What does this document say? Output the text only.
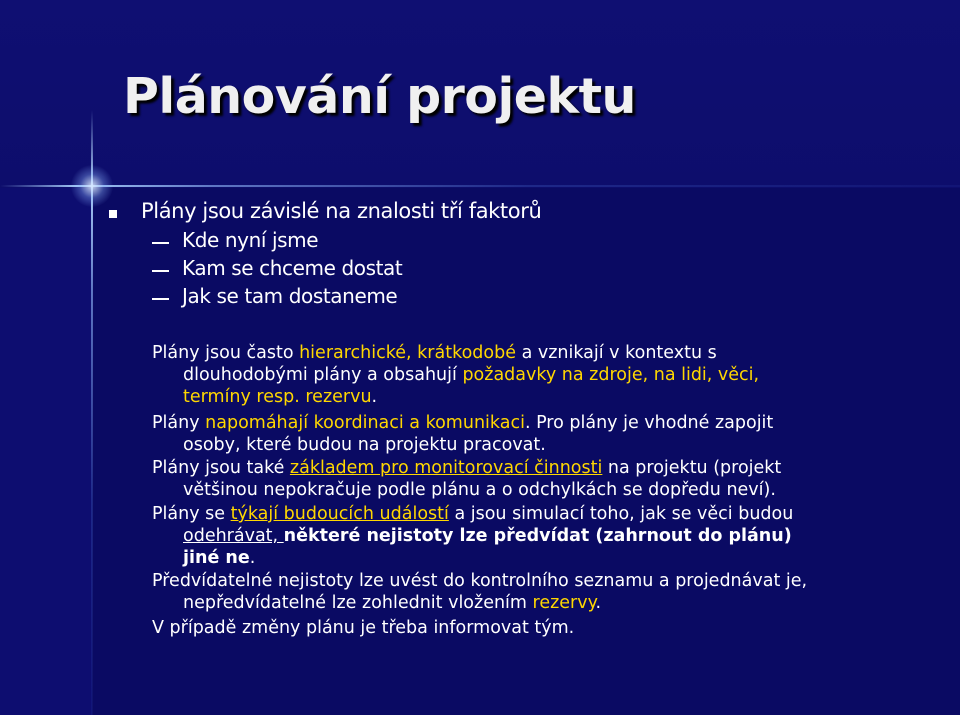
Plánování projektu
Plány jsou závislé na znalosti tří faktorů
Kde nyní jsme
Kam se chceme dostat
Jak se tam dostaneme
Plány jsou často hierarchické, krátkodobé a vznikají v kontextu s
dlouhodobými plány a obsahují požadavky na zdroje, na lidi, věci,
termíny resp. rezervu.
Plány napomáhají koordinaci a komunikaci. Pro plány je vhodné zapojit
osoby, které budou na projektu pracovat.
Plány jsou také základem pro monitorovací činnosti na projektu (projekt
většinou nepokračuje podle plánu a o odchylkách se dopředu neví).
Plány se týkají budoucích událostí a jsou simulací toho, jak se věci budou
odehrávat, některé nejistoty lze předvídat (zahrnout do plánu)
jiné ne.
Předvídatelné nejistoty lze uvést do kontrolního seznamu a projednávat je,
nepředvídatelné lze zohlednit vložením rezervy.
V případě změny plánu je třeba informovat tým.
